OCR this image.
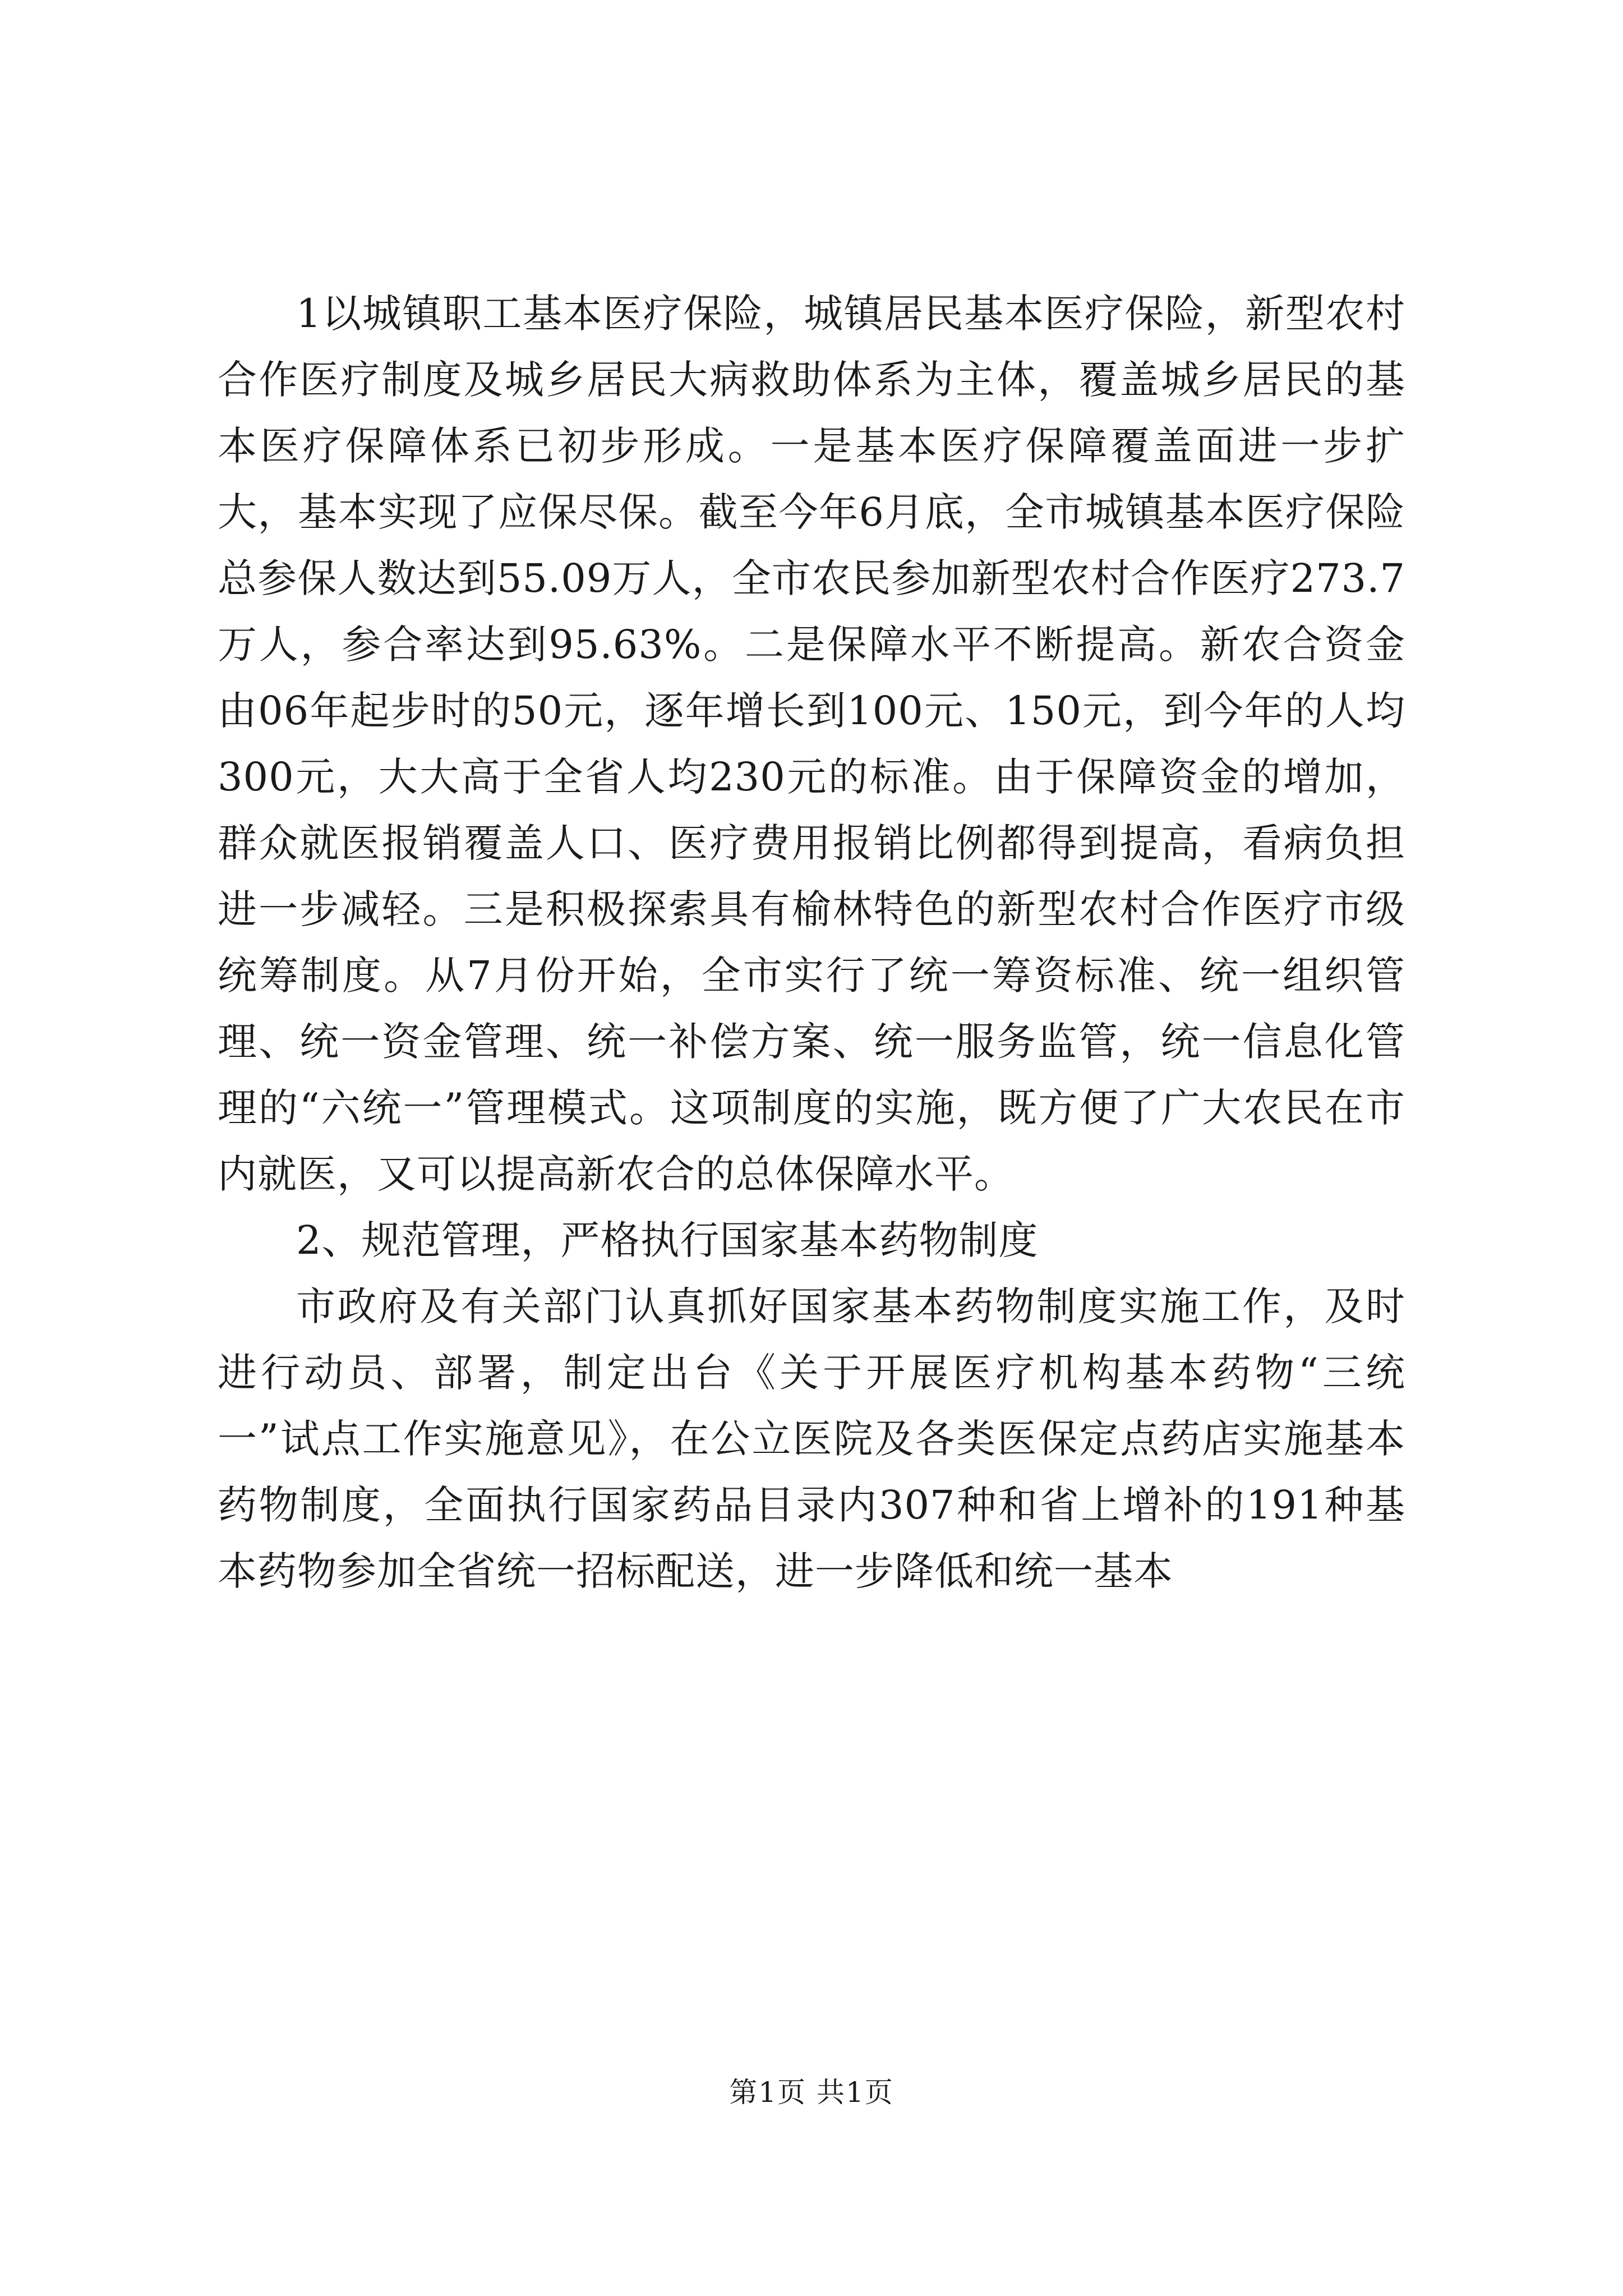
1以城镇职工基本医疗保险，城镇居民基本医疗保险，新型农村合作医疗制度及城乡居民大病救助体系为主体，覆盖城乡居民的基本医疗保障体系已初步形成。一是基本医疗保障覆盖面进一步扩大，基本实现了应保尽保。截至今年6月底，全市城镇基本医疗保险总参保人数达到55.09万人，全市农民参加新型农村合作医疗273.7万人，参合率达到95.63%。二是保障水平不断提高。新农合资金由06年起步时的50元，逐年增长到100元、150元，到今年的人均300元，大大高于全省人均230元的标准。由于保障资金的增加，群众就医报销覆盖人口、医疗费用报销比例都得到提高，看病负担进一步减轻。三是积极探索具有榆林特色的新型农村合作医疗市级统筹制度。从7月份开始，全市实行了统一筹资标准、统一组织管理、统一资金管理、统一补偿方案、统一服务监管，统一信息化管理的“六统一”管理模式。这项制度的实施，既方便了广大农民在市内就医，又可以提高新农合的总体保障水平。

2、规范管理，严格执行国家基本药物制度

市政府及有关部门认真抓好国家基本药物制度实施工作，及时进行动员、部署，制定出台《关于开展医疗机构基本药物“三统一”试点工作实施意见》，在公立医院及各类医保定点药店实施基本药物制度，全面执行国家药品目录内307种和省上增补的191种基本药物参加全省统一招标配送，进一步降低和统一基本

第1页 共1页
